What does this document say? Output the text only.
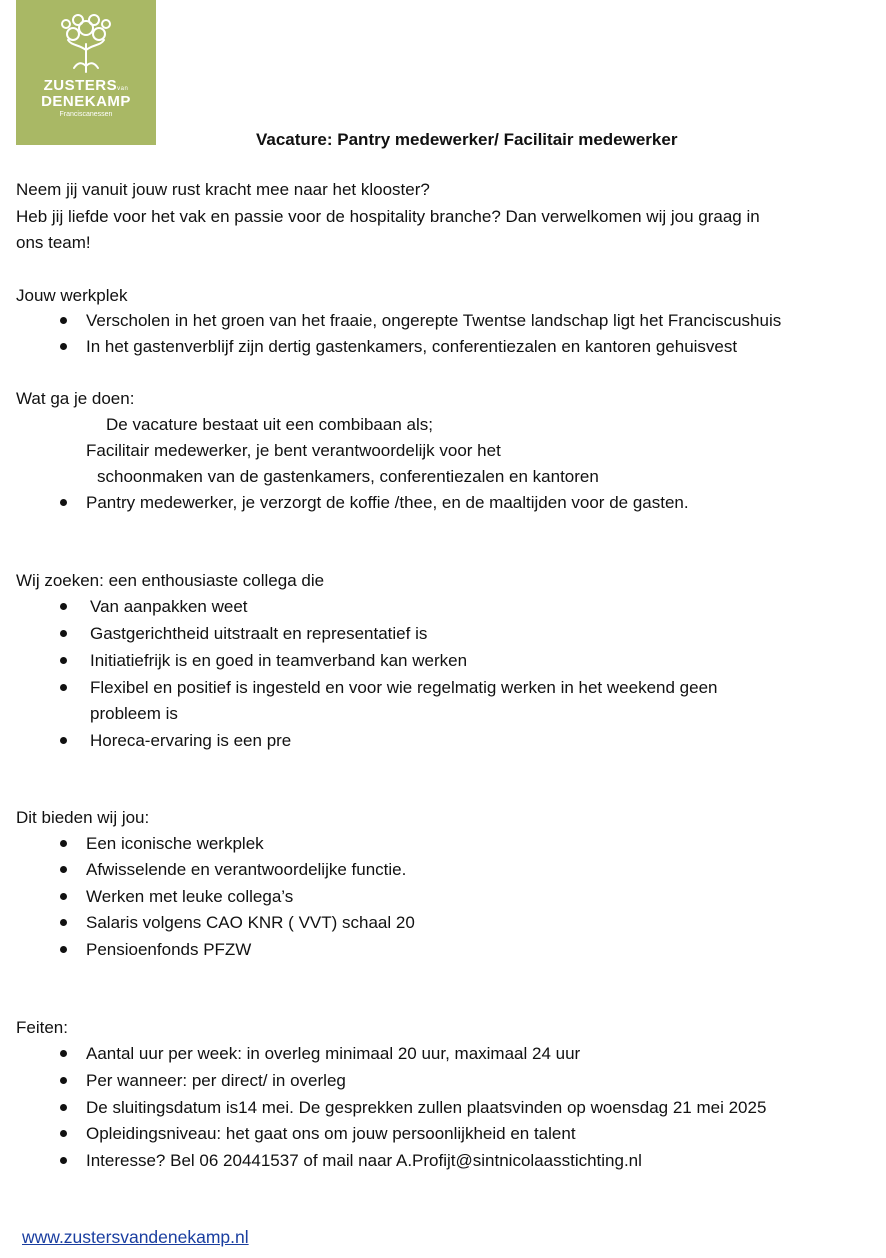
ZUSTERSvan
DENEKAMP
Franciscanessen
Vacature: Pantry medewerker/ Facilitair medewerker
Neem jij vanuit jouw rust kracht mee naar het klooster?
Heb jij liefde voor het vak en passie voor de hospitality branche? Dan verwelkomen wij jou graag in
ons team!
Jouw werkplek
Verscholen in het groen van het fraaie, ongerepte Twentse landschap ligt het Franciscushuis
In het gastenverblijf zijn dertig gastenkamers, conferentiezalen en kantoren gehuisvest
Wat ga je doen:
De vacature bestaat uit een combibaan als;
Facilitair medewerker, je bent verantwoordelijk voor het
schoonmaken van de gastenkamers, conferentiezalen en kantoren
Pantry medewerker, je verzorgt de koffie /thee, en de maaltijden voor de gasten.
Wij zoeken: een enthousiaste collega die
Van aanpakken weet
Gastgerichtheid uitstraalt en representatief is
Initiatiefrijk is en goed in teamverband kan werken
Flexibel en positief is ingesteld en voor wie regelmatig werken in het weekend geen
probleem is
Horeca-ervaring is een pre
Dit bieden wij jou:
Een iconische werkplek
Afwisselende en verantwoordelijke functie.
Werken met leuke collega’s
Salaris volgens CAO KNR ( VVT) schaal 20
Pensioenfonds PFZW
Feiten:
Aantal uur per week: in overleg minimaal 20 uur, maximaal 24 uur
Per wanneer: per direct/ in overleg
De sluitingsdatum is14 mei. De gesprekken zullen plaatsvinden op woensdag 21 mei 2025
Opleidingsniveau: het gaat ons om jouw persoonlijkheid en talent
Interesse? Bel 06 20441537 of mail naar A.Profijt@sintnicolaasstichting.nl
www.zustersvandenekamp.nl
